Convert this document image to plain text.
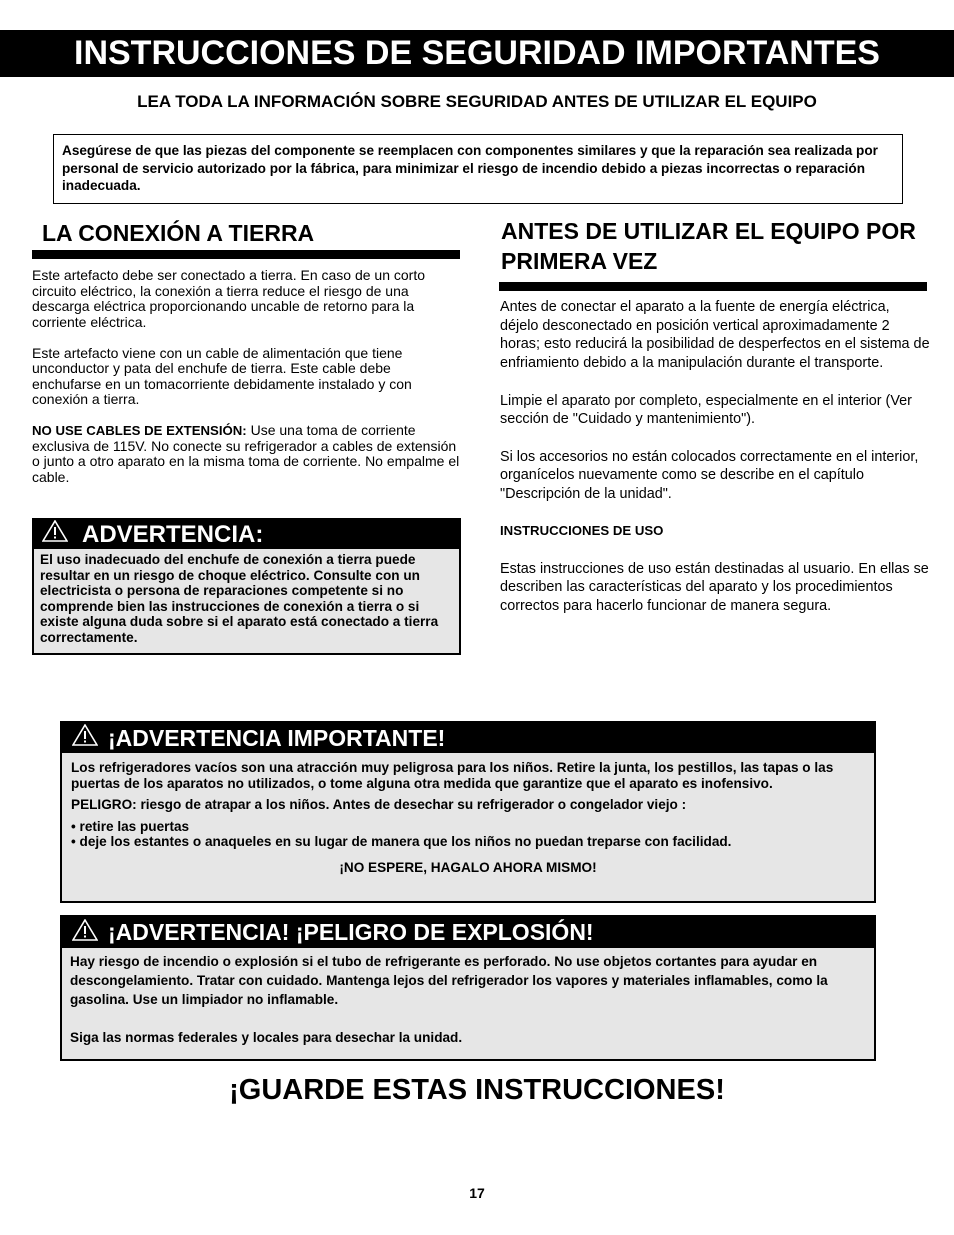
INSTRUCCIONES DE SEGURIDAD IMPORTANTES
LEA TODA LA INFORMACIÓN SOBRE SEGURIDAD ANTES DE UTILIZAR EL EQUIPO
Asegúrese de que las piezas del componente se reemplacen con componentes similares y que la reparación sea realizada por personal de servicio autorizado por la fábrica, para minimizar el riesgo de incendio debido a piezas incorrectas o reparación inadecuada.
LA CONEXIÓN A TIERRA

Este artefacto debe ser conectado a tierra. En caso de un corto circuito eléctrico, la conexión a tierra reduce el riesgo de una descarga eléctrica proporcionando uncable de retorno para la corriente eléctrica.

Este artefacto viene con un cable de alimentación que tiene unconductor y pata del enchufe de tierra. Este cable debe enchufarse en un tomacorriente debidamente instalado y con conexión a tierra.

NO USE CABLES DE EXTENSIÓN: Use una toma de corriente exclusiva de 115V. No conecte su refrigerador a cables de extensión o junto a otro aparato en la misma toma de corriente. No empalme el cable.

ADVERTENCIA:
El uso inadecuado del enchufe de conexión a tierra puede resultar en un riesgo de choque eléctrico. Consulte con un electricista o persona de reparaciones competente si no comprende bien las instrucciones de conexión a tierra o si existe alguna duda sobre si el aparato está conectado a tierra correctamente.
ANTES DE UTILIZAR EL EQUIPO POR PRIMERA VEZ

Antes de conectar el aparato a la fuente de energía eléctrica, déjelo desconectado en posición vertical aproximadamente 2 horas; esto reducirá la posibilidad de desperfectos en el sistema de enfriamiento debido a la manipulación durante el transporte.

Limpie el aparato por completo, especialmente en el interior (Ver sección de "Cuidado y mantenimiento").

Si los accesorios no están colocados correctamente en el interior, organícelos nuevamente como se describe en el capítulo "Descripción de la unidad".

INSTRUCCIONES DE USO

Estas instrucciones de uso están destinadas al usuario. En ellas se describen las características del aparato y los procedimientos correctos para hacerlo funcionar de manera segura.

¡ADVERTENCIA IMPORTANTE!

Los refrigeradores vacíos son una atracción muy peligrosa para los niños. Retire la junta, los pestillos, las tapas o las puertas de los aparatos no utilizados, o tome alguna otra medida que garantize que el aparato es inofensivo.

PELIGRO: riesgo de atrapar a los niños. Antes de desechar su refrigerador o congelador viejo :

• retire las puertas
• deje los estantes o anaqueles en su lugar de manera que los niños no puedan treparse con facilidad.
¡NO ESPERE, HAGALO AHORA MISMO!
¡ADVERTENCIA! ¡PELIGRO DE EXPLOSIÓN!

Hay riesgo de incendio o explosión si el tubo de refrigerante es perforado. No use objetos cortantes para ayudar en descongelamiento. Tratar con cuidado. Mantenga lejos del refrigerador los vapores y materiales inflamables, como la gasolina. Use un limpiador no inflamable.

Siga las normas federales y locales para desechar la unidad.

¡GUARDE ESTAS INSTRUCCIONES!
17
